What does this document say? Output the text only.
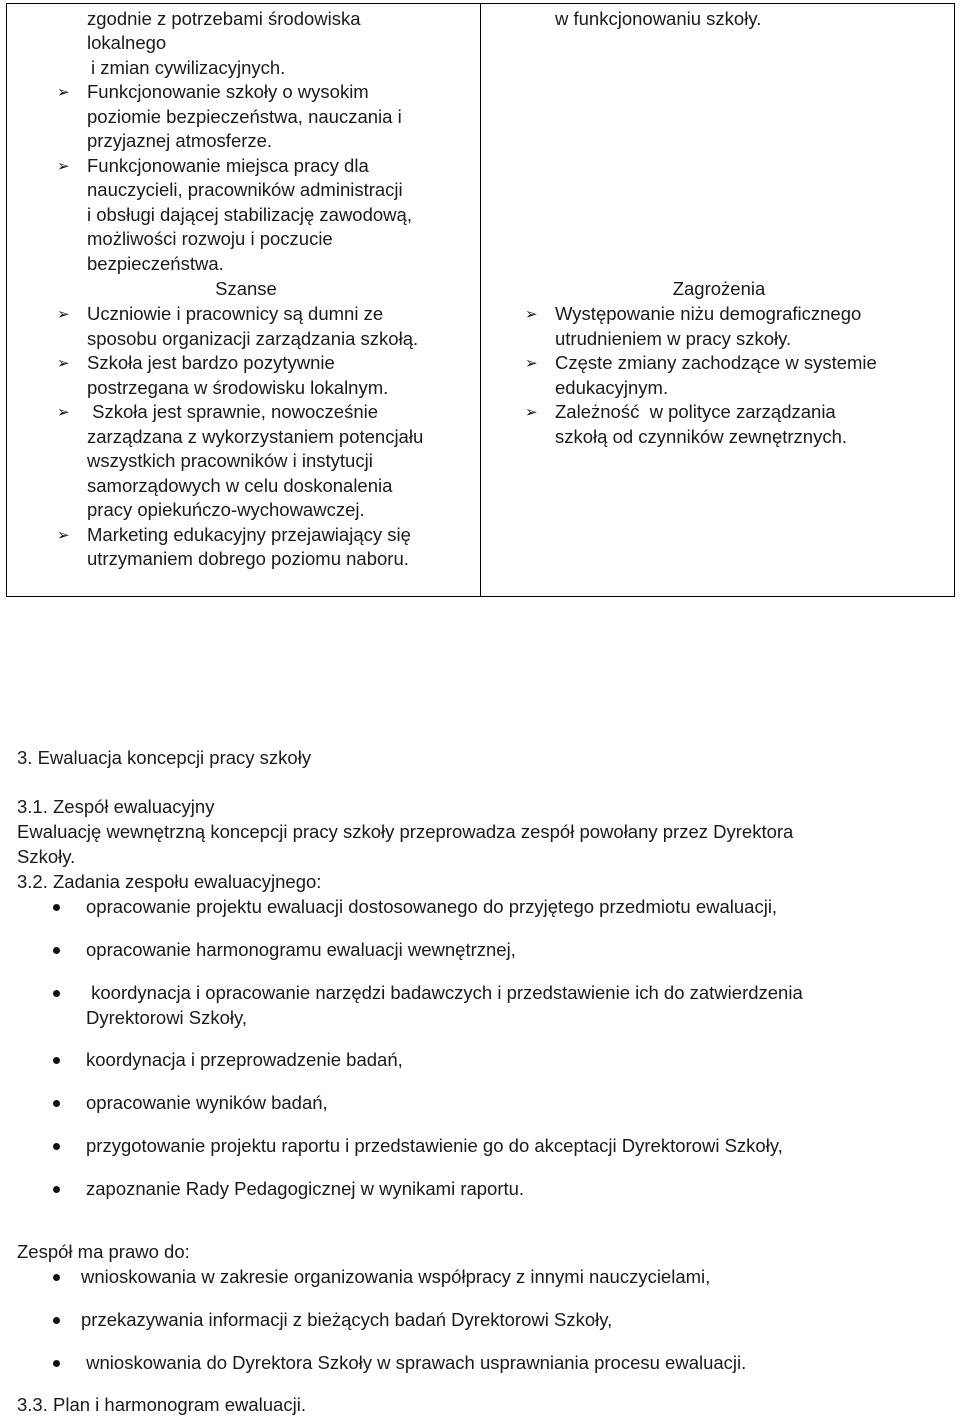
zgodnie z potrzebami środowiska
lokalnego
i zmian cywilizacyjnych.
➢ Funkcjonowanie szkoły o wysokim
poziomie bezpieczeństwa, nauczania i
przyjaznej atmosferze.
➢ Funkcjonowanie miejsca pracy dla
nauczycieli, pracowników administracji
i obsługi dającej stabilizację zawodową,
możliwości rozwoju i poczucie
bezpieczeństwa.
Szanse
➢ Uczniowie i pracownicy są dumni ze
sposobu organizacji zarządzania szkołą.
➢ Szkoła jest bardzo pozytywnie
postrzegana w środowisku lokalnym.
➢  Szkoła jest sprawnie, nowocześnie
zarządzana z wykorzystaniem potencjału
wszystkich pracowników i instytucji
samorządowych w celu doskonalenia
pracy opiekuńczo-wychowawczej.
➢ Marketing edukacyjny przejawiający się
utrzymaniem dobrego poziomu naboru.
w funkcjonowaniu szkoły.
Zagrożenia
➢ Występowanie niżu demograficznego
utrudnieniem w pracy szkoły.
➢ Częste zmiany zachodzące w systemie
edukacyjnym.
➢ Zależność  w polityce zarządzania
szkołą od czynników zewnętrznych.
3. Ewaluacja koncepcji pracy szkoły
3.1. Zespół ewaluacyjny
Ewaluację wewnętrzną koncepcji pracy szkoły przeprowadza zespół powołany przez Dyrektora
Szkoły.
3.2. Zadania zespołu ewaluacyjnego:
opracowanie projektu ewaluacji dostosowanego do przyjętego przedmiotu ewaluacji,
opracowanie harmonogramu ewaluacji wewnętrznej,
koordynacja i opracowanie narzędzi badawczych i przedstawienie ich do zatwierdzenia
Dyrektorowi Szkoły,
koordynacja i przeprowadzenie badań,
opracowanie wyników badań,
przygotowanie projektu raportu i przedstawienie go do akceptacji Dyrektorowi Szkoły,
zapoznanie Rady Pedagogicznej w wynikami raportu.
Zespół ma prawo do:
wnioskowania w zakresie organizowania współpracy z innymi nauczycielami,
przekazywania informacji z bieżących badań Dyrektorowi Szkoły,
wnioskowania do Dyrektora Szkoły w sprawach usprawniania procesu ewaluacji.
3.3. Plan i harmonogram ewaluacji.
